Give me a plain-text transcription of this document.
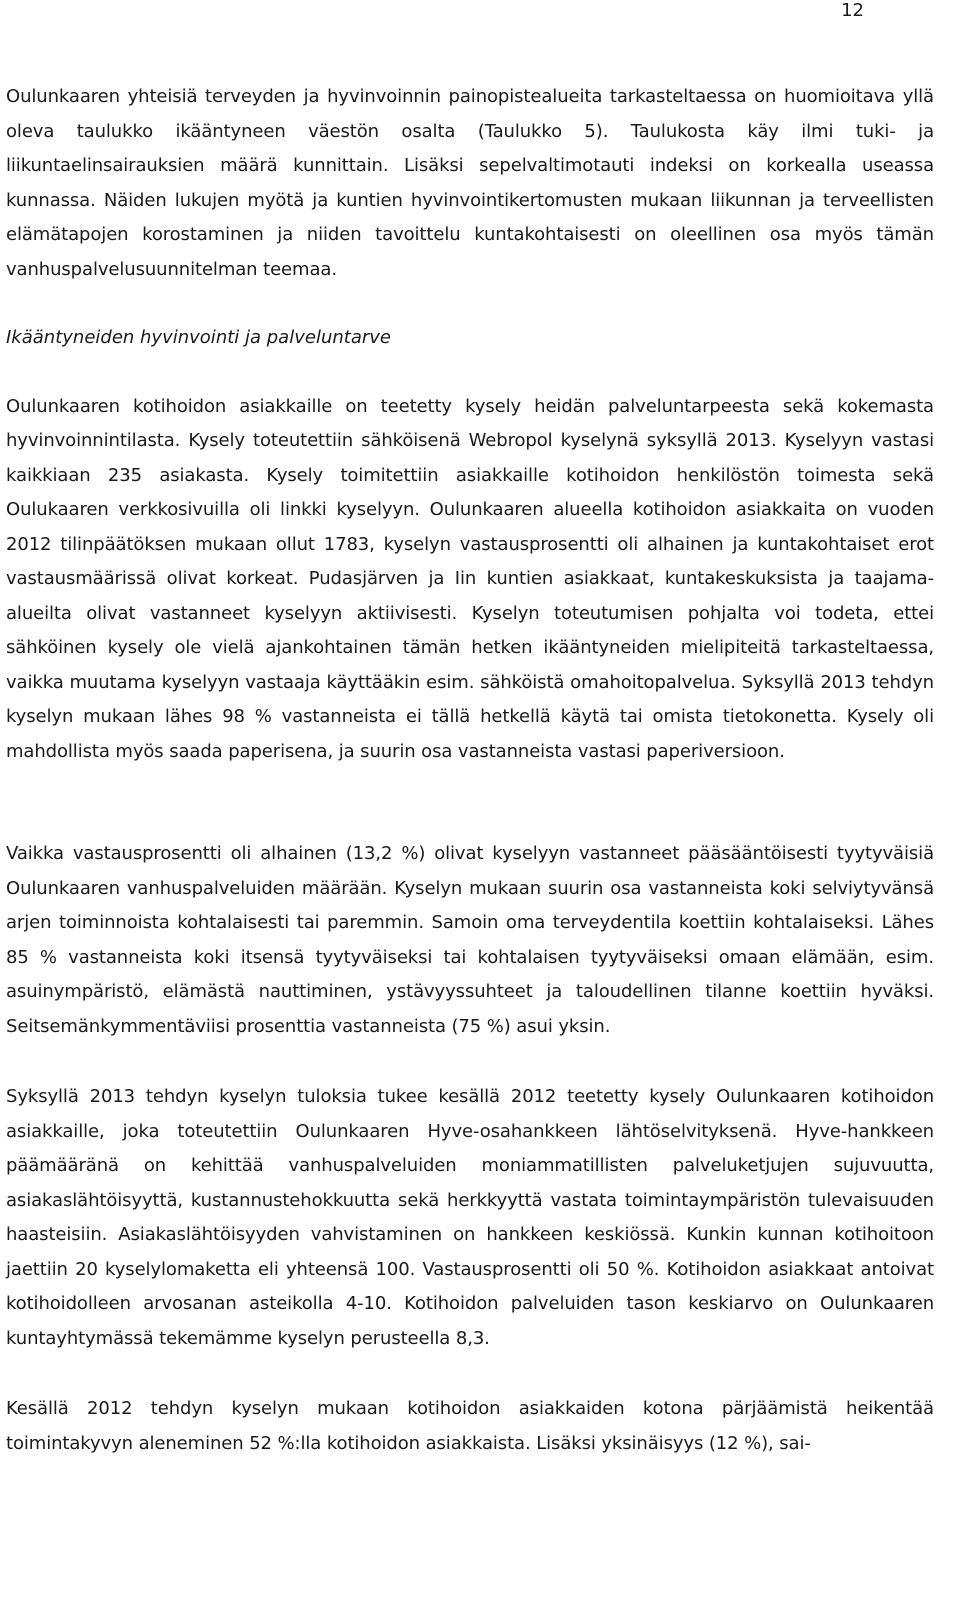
12

Oulunkaaren yhteisiä terveyden ja hyvinvoinnin painopistealueita tarkasteltaessa on huomioitava yllä oleva taulukko ikääntyneen väestön osalta (Taulukko 5). Taulukosta käy ilmi tuki- ja liikuntaelinsairauksien määrä kunnittain. Lisäksi sepelvaltimotauti indeksi on korkealla useassa kunnassa. Näiden lukujen myötä ja kuntien hyvinvointikertomusten mukaan liikunnan ja terveellisten elämätapojen korostaminen ja niiden tavoittelu kuntakohtaisesti on oleellinen osa myös tämän vanhuspalvelusuunnitelman teemaa.

Ikääntyneiden hyvinvointi ja palveluntarve

Oulunkaaren kotihoidon asiakkaille on teetetty kysely heidän palveluntarpeesta sekä kokemasta hyvinvoinnintilasta. Kysely toteutettiin sähköisenä Webropol kyselynä syksyllä 2013. Kyselyyn vastasi kaikkiaan 235 asiakasta. Kysely toimitettiin asiakkaille kotihoidon henkilöstön toimesta sekä Oulukaaren verkkosivuilla oli linkki kyselyyn. Oulunkaaren alueella kotihoidon asiakkaita on vuoden 2012 tilinpäätöksen mukaan ollut 1783, kyselyn vastausprosentti oli alhainen ja kuntakohtaiset erot vastausmäärissä olivat korkeat. Pudasjärven ja Iin kuntien asiakkaat, kuntakeskuksista ja taajama-alueilta olivat vastanneet kyselyyn aktiivisesti. Kyselyn toteutumisen pohjalta voi todeta, ettei sähköinen kysely ole vielä ajankohtainen tämän hetken ikääntyneiden mielipiteitä tarkasteltaessa, vaikka muutama kyselyyn vastaaja käyttääkin esim. sähköistä omahoitopalvelua. Syksyllä 2013 tehdyn kyselyn mukaan lähes 98 % vastanneista ei tällä hetkellä käytä tai omista tietokonetta. Kysely oli mahdollista myös saada paperisena, ja suurin osa vastanneista vastasi paperiversioon.

Vaikka vastausprosentti oli alhainen (13,2 %) olivat kyselyyn vastanneet pääsääntöisesti tyytyväisiä Oulunkaaren vanhuspalveluiden määrään. Kyselyn mukaan suurin osa vastanneista koki selviytyvänsä arjen toiminnoista kohtalaisesti tai paremmin. Samoin oma terveydentila koettiin kohtalaiseksi. Lähes 85 % vastanneista koki itsensä tyytyväiseksi tai kohtalaisen tyytyväiseksi omaan elämään, esim. asuinympäristö, elämästä nauttiminen, ystävyyssuhteet ja taloudellinen tilanne koettiin hyväksi. Seitsemänkymmentäviisi prosenttia vastanneista (75 %) asui yksin.

Syksyllä 2013 tehdyn kyselyn tuloksia tukee kesällä 2012 teetetty kysely Oulunkaaren kotihoidon asiakkaille, joka toteutettiin Oulunkaaren Hyve-osahankkeen lähtöselvityksenä. Hyve-hankkeen päämääränä on kehittää vanhuspalveluiden moniammatillisten palveluketjujen sujuvuutta, asiakaslähtöisyyttä, kustannustehokkuutta sekä herkkyyttä vastata toimintaympäristön tulevaisuuden haasteisiin. Asiakaslähtöisyyden vahvistaminen on hankkeen keskiössä. Kunkin kunnan kotihoitoon jaettiin 20 kyselylomaketta eli yhteensä 100. Vastausprosentti oli 50 %. Kotihoidon asiakkaat antoivat kotihoidolleen arvosanan asteikolla 4-10. Kotihoidon palveluiden tason keskiarvo on Oulunkaaren kuntayhtymässä tekemämme kyselyn perusteella 8,3.

Kesällä 2012 tehdyn kyselyn mukaan kotihoidon asiakkaiden kotona pärjäämistä heikentää toimintakyvyn aleneminen 52 %:lla kotihoidon asiakkaista. Lisäksi yksinäisyys (12 %), sai-
